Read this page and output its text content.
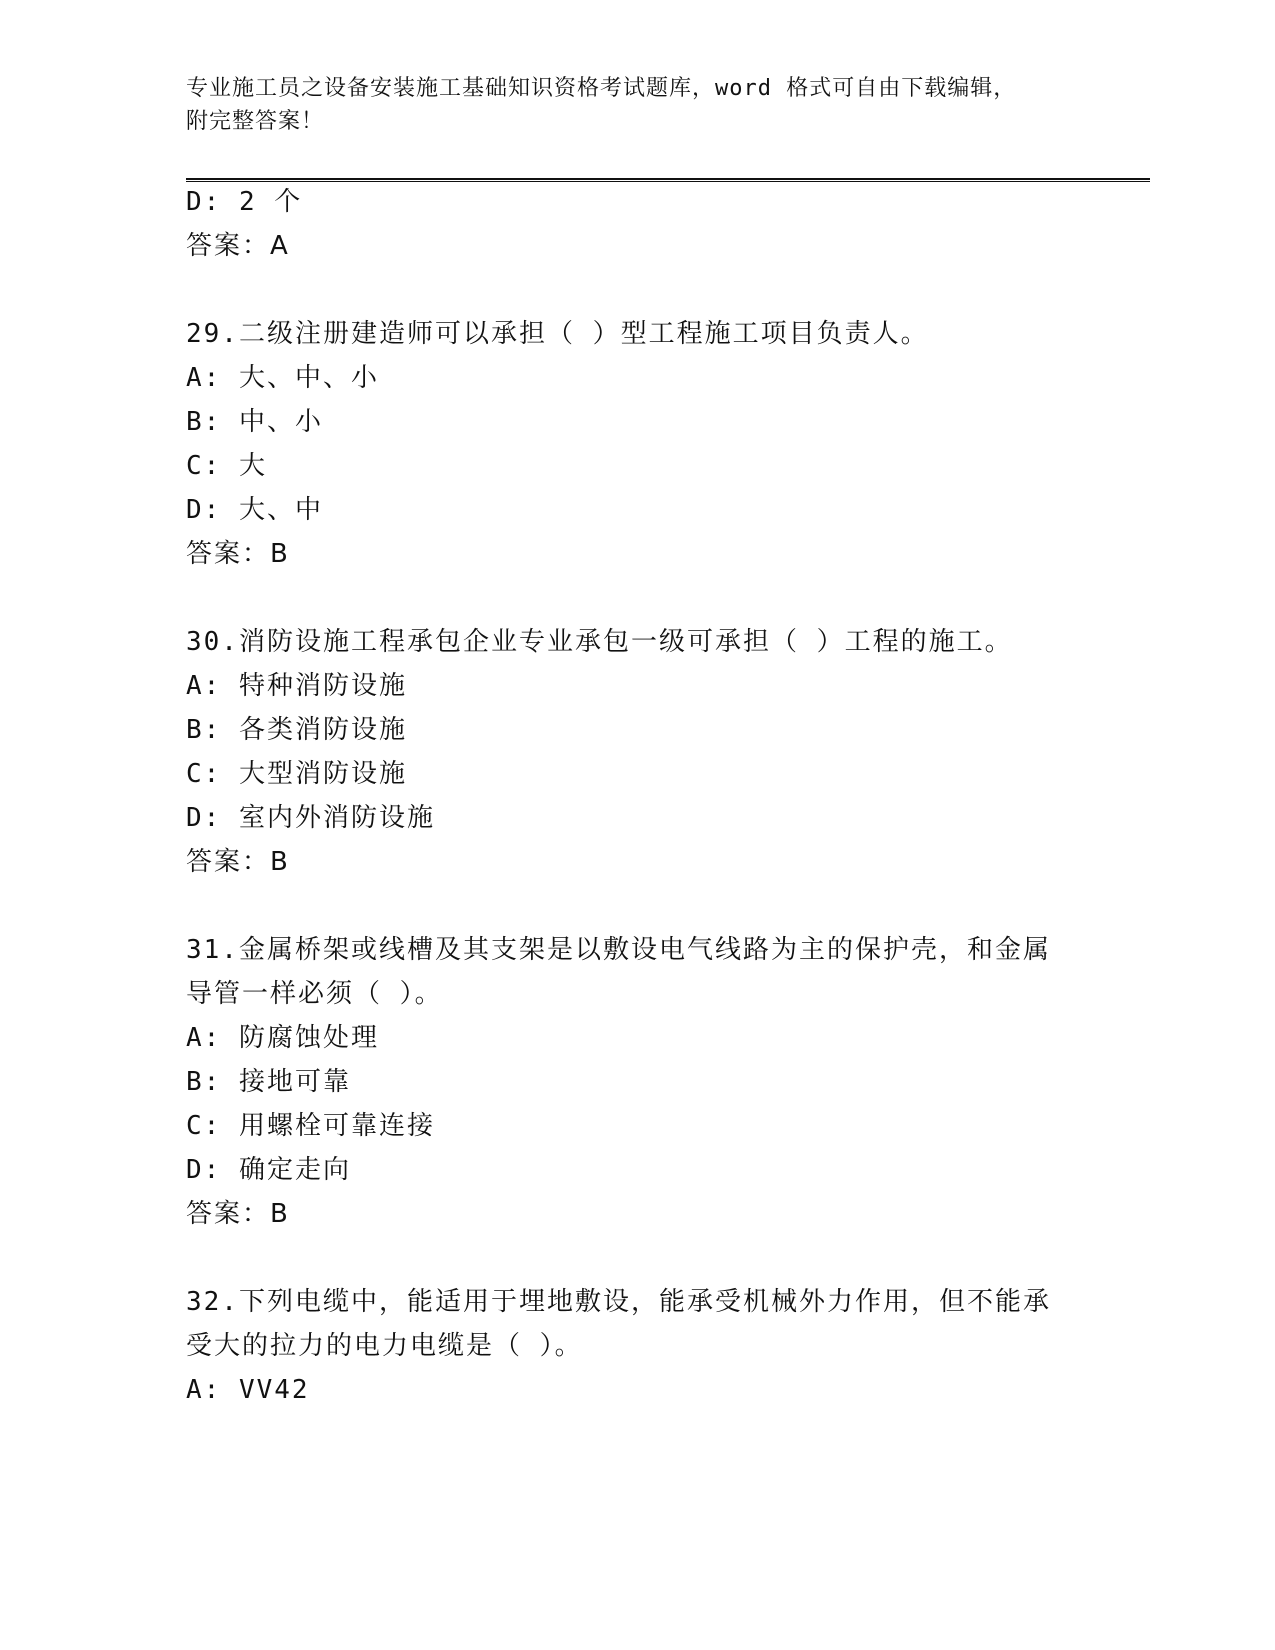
专业施工员之设备安装施工基础知识资格考试题库，word 格式可自由下载编辑，
附完整答案！
D: 2 个
答案：A
29.二级注册建造师可以承担（ ）型工程施工项目负责人。
A: 大、中、小
B: 中、小
C: 大
D: 大、中
答案：B
30.消防设施工程承包企业专业承包一级可承担（ ）工程的施工。
A: 特种消防设施
B: 各类消防设施
C: 大型消防设施
D: 室内外消防设施
答案：B
31.金属桥架或线槽及其支架是以敷设电气线路为主的保护壳，和金属
导管一样必须（ ）。
A: 防腐蚀处理
B: 接地可靠
C: 用螺栓可靠连接
D: 确定走向
答案：B
32.下列电缆中，能适用于埋地敷设，能承受机械外力作用，但不能承
受大的拉力的电力电缆是（ ）。
A: VV42
